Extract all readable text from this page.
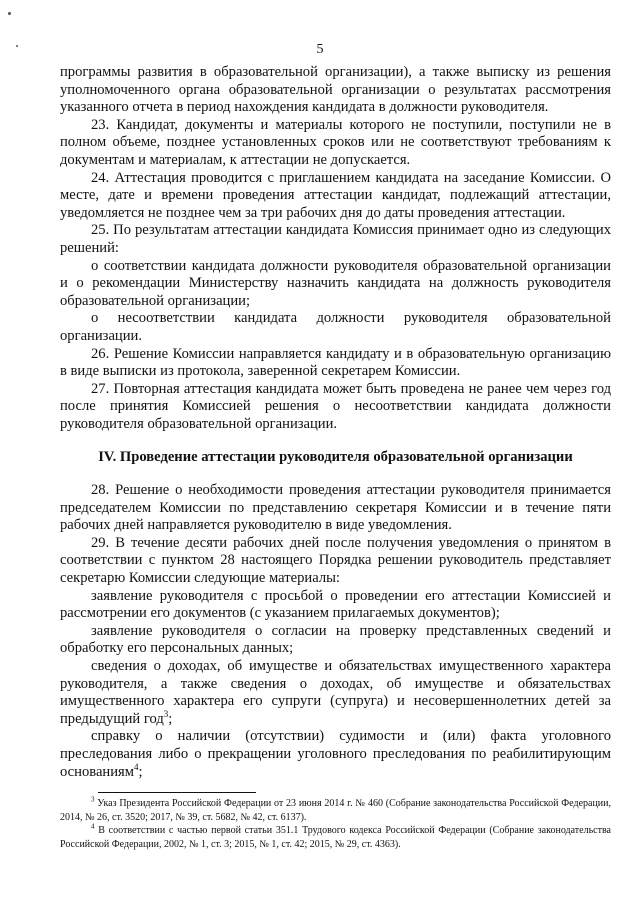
5

программы развития в образовательной организации), а также выписку из решения уполномоченного органа образовательной организации о результатах рассмотрения указанного отчета в период нахождения кандидата в должности руководителя.

23. Кандидат, документы и материалы которого не поступили, поступили не в полном объеме, позднее установленных сроков или не соответствуют требованиям к документам и материалам, к аттестации не допускается.

24. Аттестация проводится с приглашением кандидата на заседание Комиссии. О месте, дате и времени проведения аттестации кандидат, подлежащий аттестации, уведомляется не позднее чем за три рабочих дня до даты проведения аттестации.

25. По результатам аттестации кандидата Комиссия принимает одно из следующих решений:

о соответствии кандидата должности руководителя образовательной организации и о рекомендации Министерству назначить кандидата на должность руководителя образовательной организации;

о несоответствии кандидата должности руководителя образовательной организации.

26. Решение Комиссии направляется кандидату и в образовательную организацию в виде выписки из протокола, заверенной секретарем Комиссии.

27. Повторная аттестация кандидата может быть проведена не ранее чем через год после принятия Комиссией решения о несоответствии кандидата должности руководителя образовательной организации.

IV. Проведение аттестации руководителя образовательной организации

28. Решение о необходимости проведения аттестации руководителя принимается председателем Комиссии по представлению секретаря Комиссии и в течение пяти рабочих дней направляется руководителю в виде уведомления.

29. В течение десяти рабочих дней после получения уведомления о принятом в соответствии с пунктом 28 настоящего Порядка решении руководитель представляет секретарю Комиссии следующие материалы:

заявление руководителя с просьбой о проведении его аттестации Комиссией и рассмотрении его документов (с указанием прилагаемых документов);

заявление руководителя о согласии на проверку представленных сведений и обработку его персональных данных;

сведения о доходах, об имуществе и обязательствах имущественного характера руководителя, а также сведения о доходах, об имуществе и обязательствах имущественного характера его супруги (супруга) и несовершеннолетних детей за предыдущий год$^3$;

справку о наличии (отсутствии) судимости и (или) факта уголовного преследования либо о прекращении уголовного преследования по реабилитирующим основаниям$^4$;

$^3$ Указ Президента Российской Федерации от 23 июня 2014 г. № 460 (Собрание законодательства Российской Федерации, 2014, № 26, ст. 3520; 2017, № 39, ст. 5682, № 42, ст. 6137).

$^4$ В соответствии с частью первой статьи 351.1 Трудового кодекса Российской Федерации (Собрание законодательства Российской Федерации, 2002, № 1, ст. 3; 2015, № 1, ст. 42; 2015, № 29, ст. 4363).
